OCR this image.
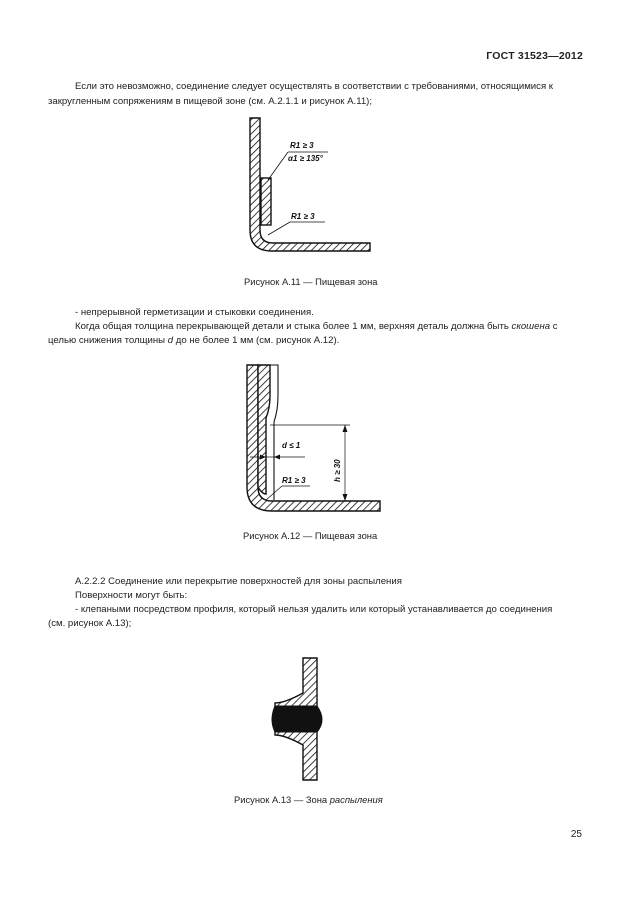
ГОСТ 31523—2012
Если это невозможно, соединение следует осуществлять в соответствии с требованиями, относящимися к
закругленным сопряжениям в пищевой зоне (см. А.2.1.1 и рисунок А.11);
R1 ≥ 3
α1 ≥ 135°
R1 ≥ 3
Рисунок А.11 — Пищевая зона
- непрерывной герметизации и стыковки соединения.
Когда общая толщина перекрывающей детали и стыка более 1 мм, верхняя деталь должна быть скошена с
целью снижения толщины d до не более 1 мм (см. рисунок А.12).
d ≤ 1
h ≥ 30
R1 ≥ 3
Рисунок А.12 — Пищевая зона
А.2.2.2 Соединение или перекрытие поверхностей для зоны распыления
Поверхности могут быть:
- клепаными посредством профиля, который нельзя удалить или который устанавливается до соединения
(см. рисунок А.13);
Рисунок А.13 — Зона распыления
25
